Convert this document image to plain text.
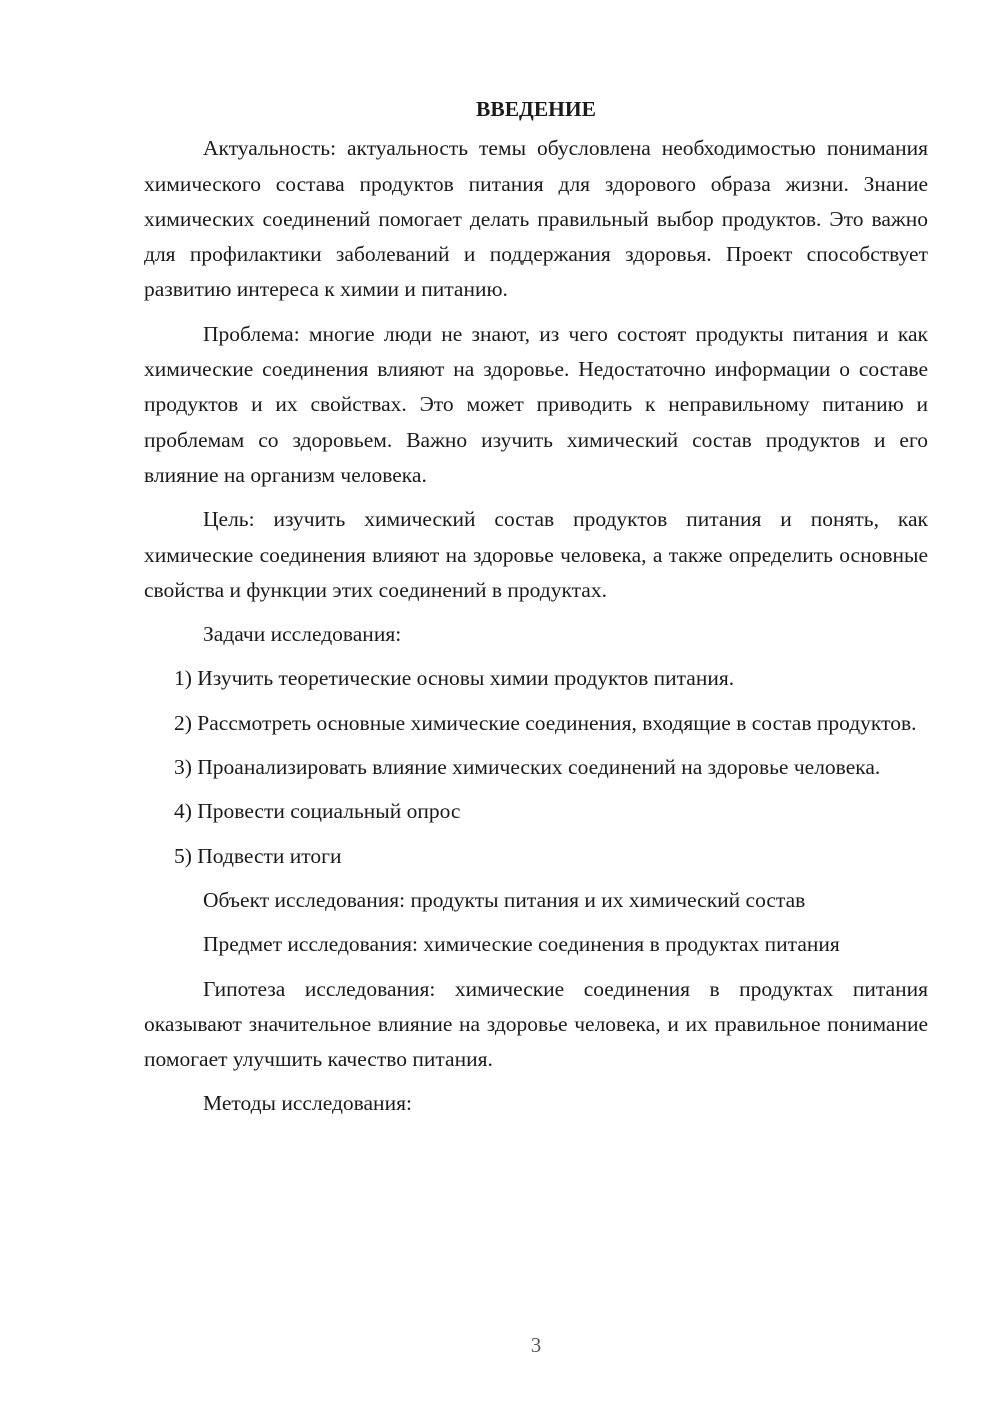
ВВЕДЕНИЕ

Актуальность: актуальность темы обусловлена необходимостью понимания химического состава продуктов питания для здорового образа жизни. Знание химических соединений помогает делать правильный выбор продуктов. Это важно для профилактики заболеваний и поддержания здоровья. Проект способствует развитию интереса к химии и питанию.

Проблема: многие люди не знают, из чего состоят продукты питания и как химические соединения влияют на здоровье. Недостаточно информации о составе продуктов и их свойствах. Это может приводить к неправильному питанию и проблемам со здоровьем. Важно изучить химический состав продуктов и его влияние на организм человека.

Цель: изучить химический состав продуктов питания и понять, как химические соединения влияют на здоровье человека, а также определить основные свойства и функции этих соединений в продуктах.

Задачи исследования:

1) Изучить теоретические основы химии продуктов питания.

2) Рассмотреть основные химические соединения, входящие в состав продуктов.

3) Проанализировать влияние химических соединений на здоровье человека.

4) Провести социальный опрос

5) Подвести итоги

Объект исследования: продукты питания и их химический состав

Предмет исследования: химические соединения в продуктах питания

Гипотеза исследования: химические соединения в продуктах питания оказывают значительное влияние на здоровье человека, и их правильное понимание помогает улучшить качество питания.

Методы исследования:

3
